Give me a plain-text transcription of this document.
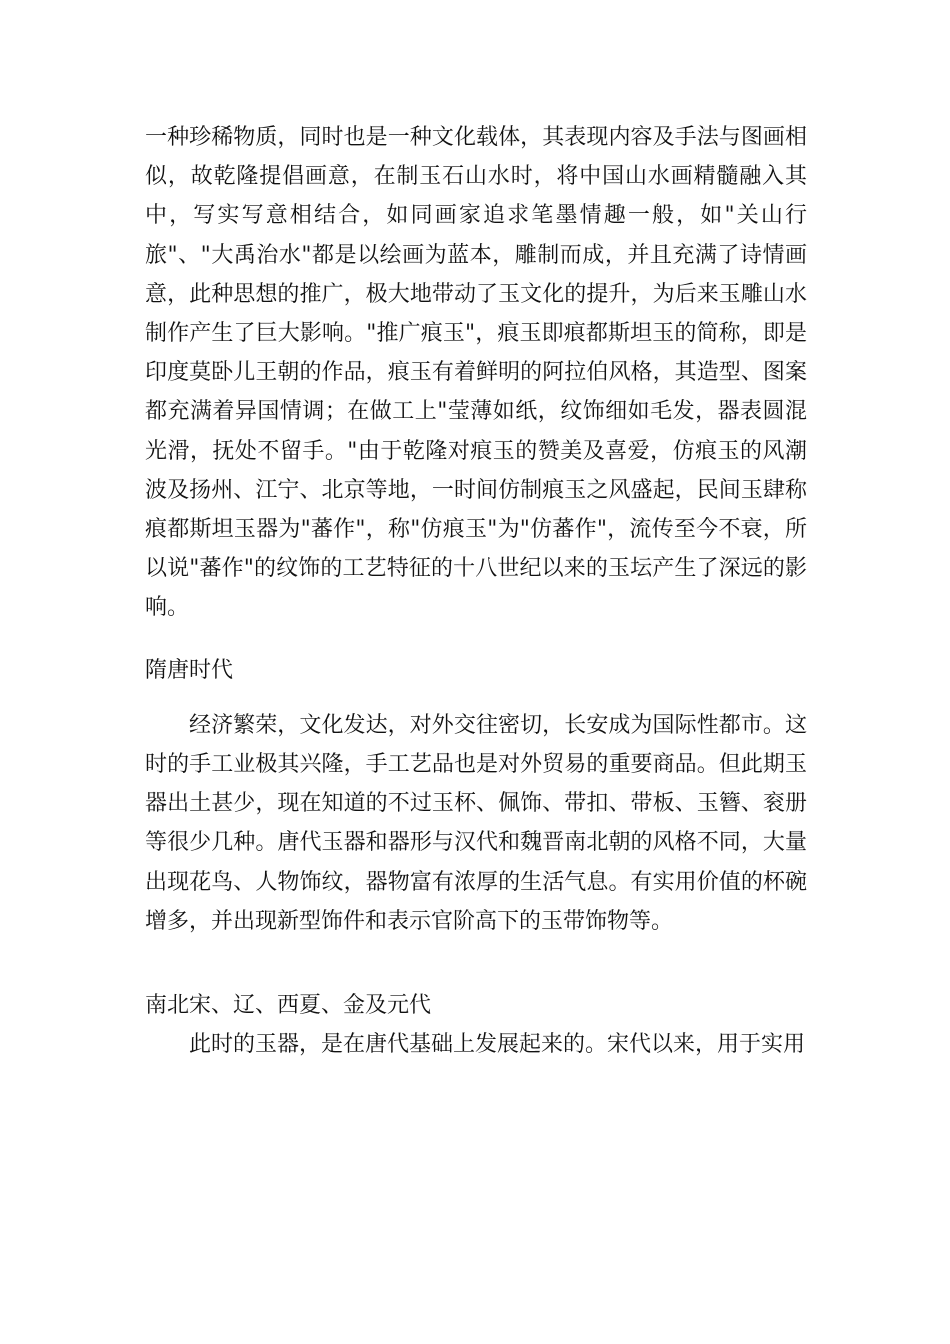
一种珍稀物质，同时也是一种文化载体，其表现内容及手法与图画相似，故乾隆提倡画意，在制玉石山水时，将中国山水画精髓融入其中，写实写意相结合，如同画家追求笔墨情趣一般，如"关山行旅"、"大禹治水"都是以绘画为蓝本，雕制而成，并且充满了诗情画意，此种思想的推广，极大地带动了玉文化的提升，为后来玉雕山水制作产生了巨大影响。"推广痕玉"，痕玉即痕都斯坦玉的简称，即是印度莫卧儿王朝的作品，痕玉有着鲜明的阿拉伯风格，其造型、图案都充满着异国情调；在做工上"莹薄如纸，纹饰细如毛发，器表圆混光滑，抚处不留手。"由于乾隆对痕玉的赞美及喜爱，仿痕玉的风潮波及扬州、江宁、北京等地，一时间仿制痕玉之风盛起，民间玉肆称痕都斯坦玉器为"蕃作"，称"仿痕玉"为"仿蕃作"，流传至今不衰，所以说"蕃作"的纹饰的工艺特征的十八世纪以来的玉坛产生了深远的影响。

隋唐时代

经济繁荣，文化发达，对外交往密切，长安成为国际性都市。这时的手工业极其兴隆，手工艺品也是对外贸易的重要商品。但此期玉器出土甚少，现在知道的不过玉杯、佩饰、带扣、带板、玉簪、衮册等很少几种。唐代玉器和器形与汉代和魏晋南北朝的风格不同，大量出现花鸟、人物饰纹，器物富有浓厚的生活气息。有实用价值的杯碗增多，并出现新型饰件和表示官阶高下的玉带饰物等。

南北宋、辽、西夏、金及元代

此时的玉器，是在唐代基础上发展起来的。宋代以来，用于实用
